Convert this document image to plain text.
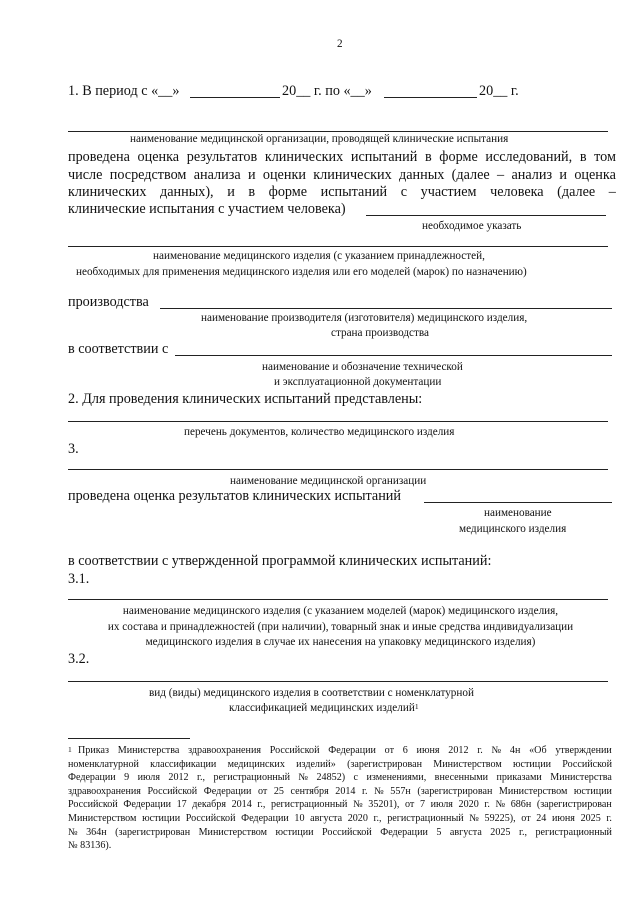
2
1. В период с «__»	20__ г. по «__»	20__ г.
наименование медицинской организации, проводящей клинические испытания
проведена оценка результатов клинических испытаний в форме исследований, в том
числе посредством анализа и оценки клинических данных (далее – анализ и оценка
клинических данных), и в форме испытаний с участием человека (далее –
клинические испытания с участием человека)
необходимое указать
наименование медицинского изделия (с указанием принадлежностей,
необходимых для применения медицинского изделия или его моделей (марок) по назначению)
производства
наименование производителя (изготовителя) медицинского изделия,
страна производства
в соответствии с
наименование и обозначение технической
и эксплуатационной документации
2. Для проведения клинических испытаний представлены:
перечень документов, количество медицинского изделия
3.
наименование медицинской организации
проведена оценка результатов клинических испытаний
наименование
медицинского изделия
в соответствии с утвержденной программой клинических испытаний:
3.1.
наименование медицинского изделия (с указанием моделей (марок) медицинского изделия,
их состава и принадлежностей (при наличии), товарный знак и иные средства индивидуализации
медицинского изделия в случае их нанесения на упаковку медицинского изделия)
3.2.
вид (виды) медицинского изделия в соответствии с номенклатурной
классификацией медицинских изделий$^1$
$^1$ Приказ Министерства здравоохранения Российской Федерации от 6 июня 2012 г. № 4н «Об утверждении
номенклатурной классификации медицинских изделий» (зарегистрирован Министерством юстиции Российской
Федерации 9 июля 2012 г., регистрационный № 24852) с изменениями, внесенными приказами Министерства
здравоохранения Российской Федерации от 25 сентября 2014 г. № 557н (зарегистрирован Министерством юстиции
Российской Федерации 17 декабря 2014 г., регистрационный № 35201), от 7 июля 2020 г. № 686н (зарегистрирован
Министерством юстиции Российской Федерации 10 августа 2020 г., регистрационный № 59225), от 24 июня 2025 г.
№ 364н (зарегистрирован Министерством юстиции Российской Федерации 5 августа 2025 г., регистрационный
№ 83136).
